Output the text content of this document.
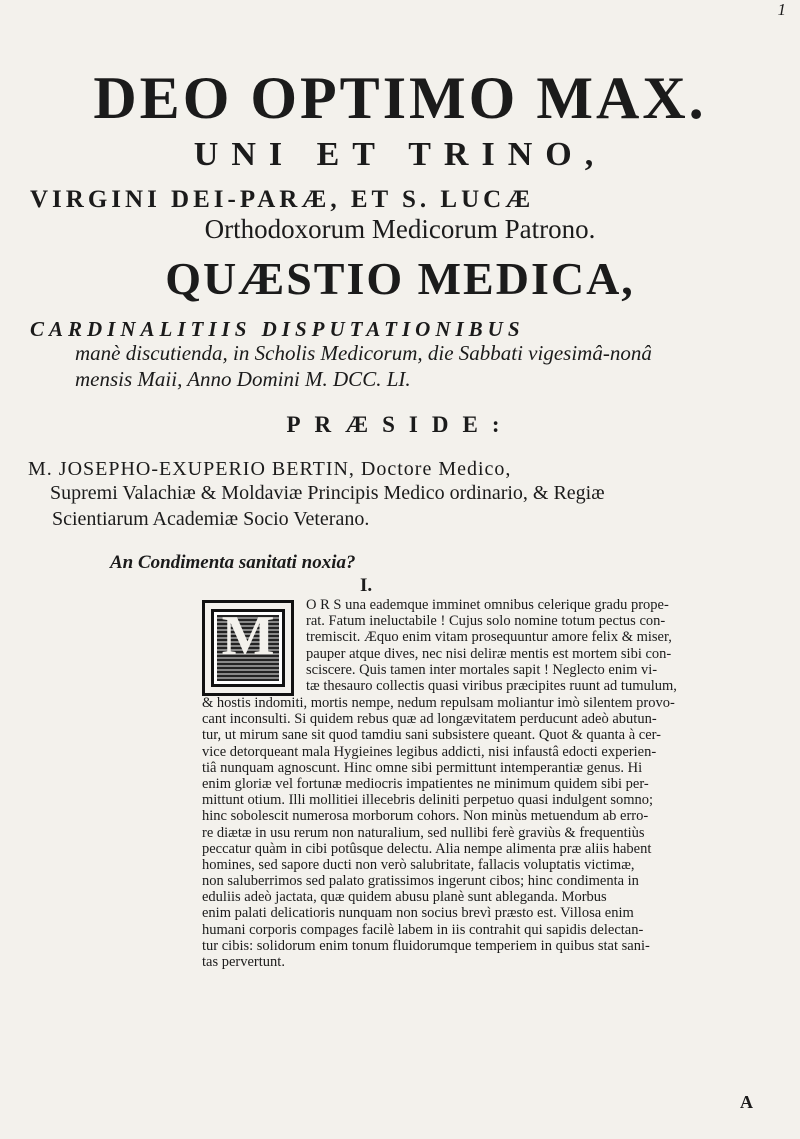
1
DEO OPTIMO MAX.
UNI ET TRINO,
VIRGINI DEI-PARÆ, ET S. LUCÆ
Orthodoxorum Medicorum Patrono.
QUÆSTIO MEDICA,
CARDINALITIIS DISPUTATIONIBUS
manè discutienda, in Scholis Medicorum, die Sabbati vigesimâ-nonâ
mensis Maii, Anno Domini M. DCC. LI.
PRÆSIDE:
M. JOSEPHO-EXUPERIO BERTIN, Doctore Medico,
Supremi Valachiæ & Moldaviæ Principis Medico ordinario, & Regiæ
Scientiarum Academiæ Socio Veterano.
An Condimenta sanitati noxia?
I.
M	O R S una eademque imminet omnibus celerique gradu prope-
rat. Fatum ineluctabile ! Cujus solo nomine totum pectus con-
tremiscit. Æquo enim vitam prosequuntur amore felix & miser,
pauper atque dives, nec nisi deliræ mentis est mortem sibi con-
sciscere. Quis tamen inter mortales sapit ! Neglecto enim vi-
tæ thesauro collectis quasi viribus præcipites ruunt ad tumulum,
& hostis indomiti, mortis nempe, nedum repulsam moliantur imò silentem provo-
cant inconsulti. Si quidem rebus quæ ad longævitatem perducunt adeò abutun-
tur, ut mirum sane sit quod tamdiu sani subsistere queant. Quot & quanta à cer-
vice detorqueant mala Hygieines legibus addicti, nisi infaustâ edocti experien-
tiâ nunquam agnoscunt. Hinc omne sibi permittunt intemperantiæ genus. Hi
enim gloriæ vel fortunæ mediocris impatientes ne minimum quidem sibi per-
mittunt otium. Illi mollitiei illecebris deliniti perpetuo quasi indulgent somno;
hinc sobolescit numerosa morborum cohors. Non minùs metuendum ab erro-
re diætæ in usu rerum non naturalium, sed nullibi ferè graviùs & frequentiùs
peccatur quàm in cibi potûsque delectu. Alia nempe alimenta præ aliis habent
homines, sed sapore ducti non verò salubritate, fallacis voluptatis victimæ,
non saluberrimos sed palato gratissimos ingerunt cibos; hinc condimenta in
eduliis adeò jactata, quæ quidem abusu planè sunt ableganda. Morbus
enim palati delicatioris nunquam non socius brevì præsto est. Villosa enim
humani corporis compages facilè labem in iis contrahit qui sapidis delectan-
tur cibis: solidorum enim tonum fluidorumque temperiem in quibus stat sani-
tas pervertunt.
A
